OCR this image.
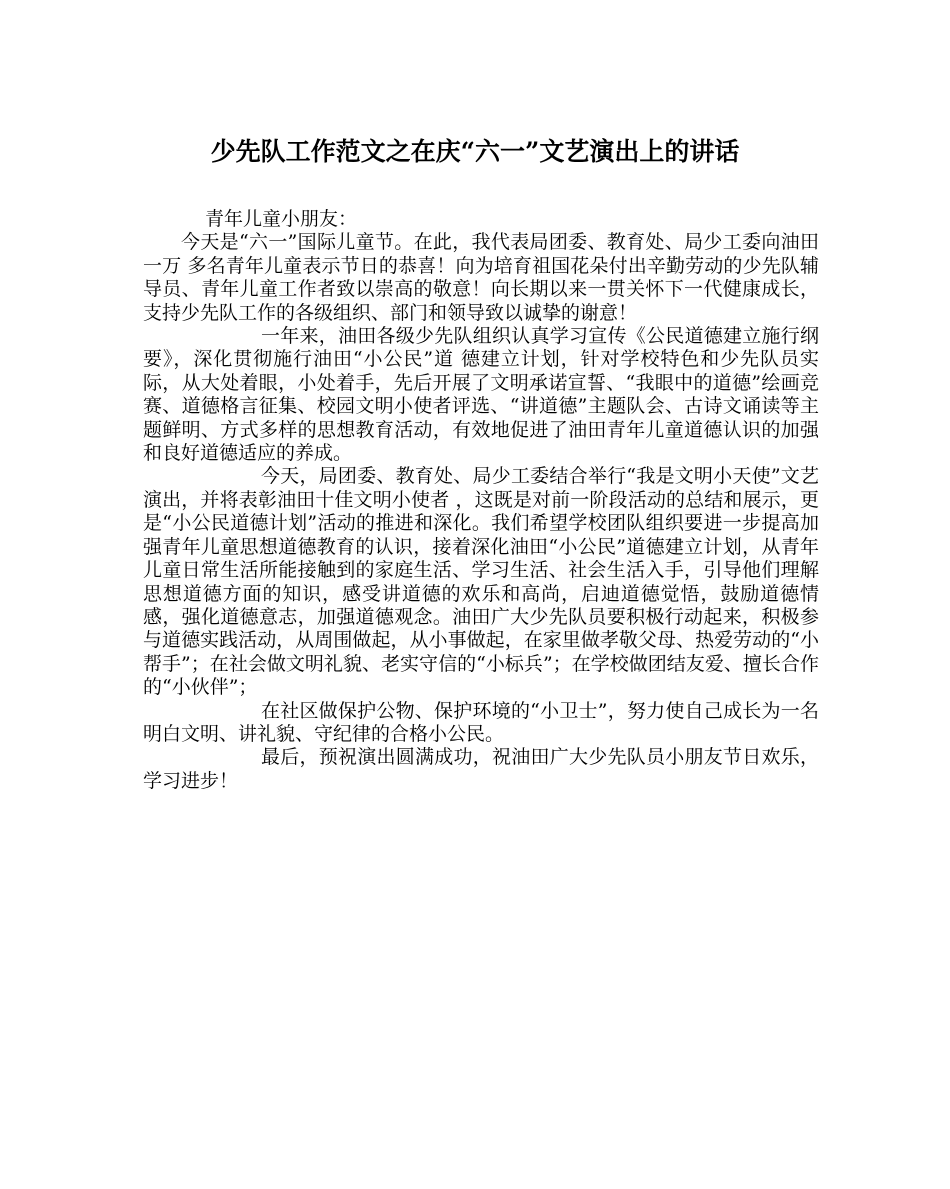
少先队工作范文之在庆“六一”文艺演出上的讲话

青年儿童小朋友：

今天是“六一”国际儿童节。在此，我代表局团委、教育处、局少工委向油田一万 多名青年儿童表示节日的恭喜！向为培育祖国花朵付出辛勤劳动的少先队辅导员、青年儿童工作者致以崇高的敬意！向长期以来一贯关怀下一代健康成长，支持少先队工作的各级组织、部门和领导致以诚挚的谢意！

一年来，油田各级少先队组织认真学习宣传《公民道德建立施行纲要》，深化贯彻施行油田“小公民”道 德建立计划，针对学校特色和少先队员实际，从大处着眼，小处着手，先后开展了文明承诺宣誓、“我眼中的道德”绘画竞赛、道德格言征集、校园文明小使者评选、“讲道德”主题队会、古诗文诵读等主题鲜明、方式多样的思想教育活动，有效地促进了油田青年儿童道德认识的加强和良好道德适应的养成。

今天，局团委、教育处、局少工委结合举行“我是文明小天使”文艺演出，并将表彰油田十佳文明小使者 ，这既是对前一阶段活动的总结和展示，更是“小公民道德计划”活动的推进和深化。我们希望学校团队组织要进一步提高加强青年儿童思想道德教育的认识，接着深化油田“小公民”道德建立计划，从青年儿童日常生活所能接触到的家庭生活、学习生活、社会生活入手，引导他们理解思想道德方面的知识，感受讲道德的欢乐和高尚，启迪道德觉悟，鼓励道德情感，强化道德意志，加强道德观念。油田广大少先队员要积极行动起来，积极参与道德实践活动，从周围做起，从小事做起，在家里做孝敬父母、热爱劳动的“小帮手”；在社会做文明礼貌、老实守信的“小标兵”；在学校做团结友爱、擅长合作的“小伙伴”；

在社区做保护公物、保护环境的“小卫士”，努力使自己成长为一名明白文明、讲礼貌、守纪律的合格小公民。

最后，预祝演出圆满成功，祝油田广大少先队员小朋友节日欢乐，学习进步！
